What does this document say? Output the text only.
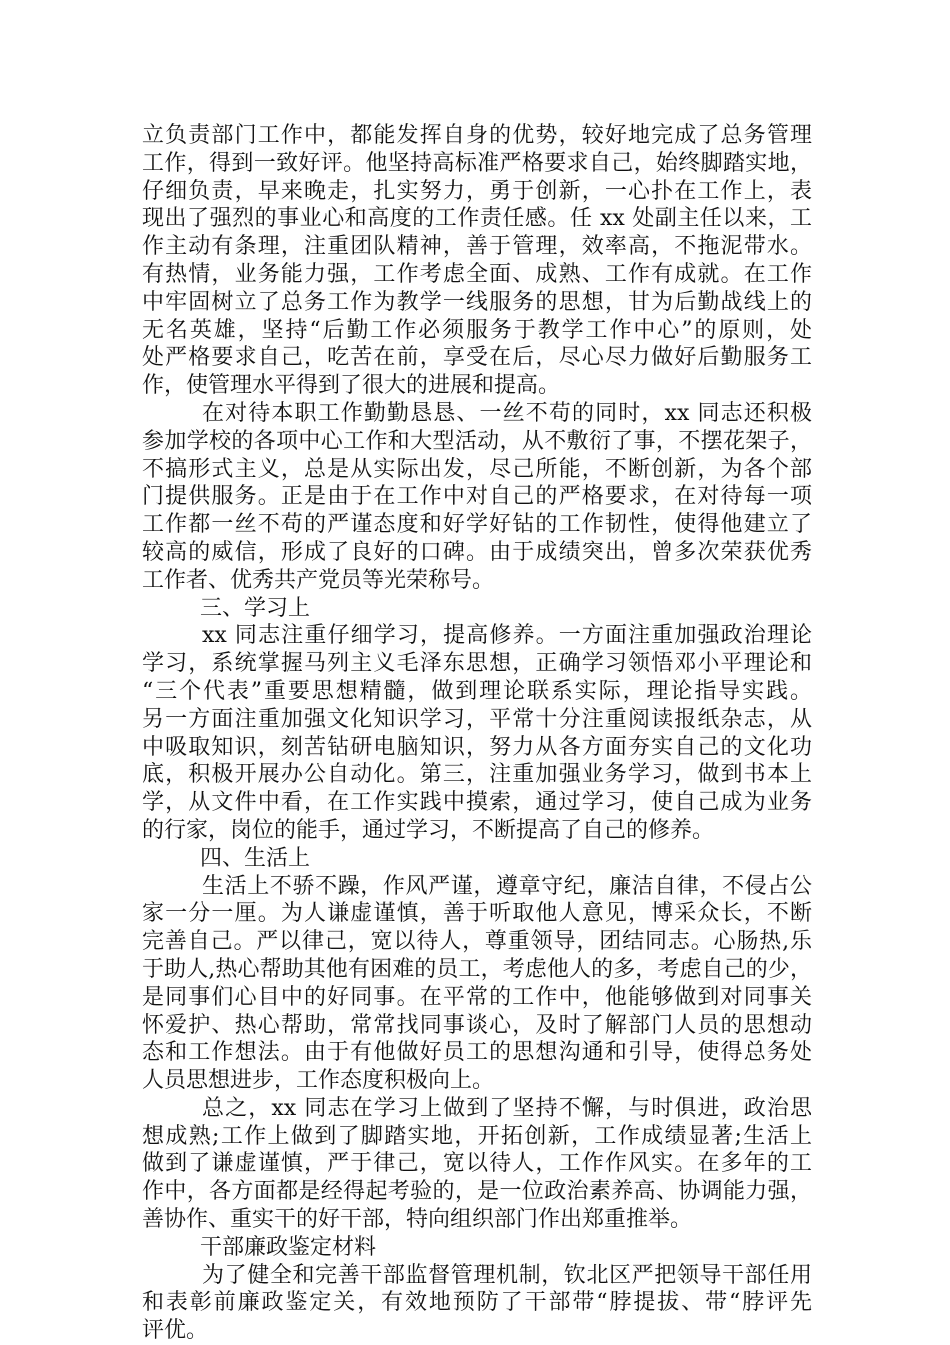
立负责部门工作中，都能发挥自身的优势，较好地完成了总务管理
工作，得到一致好评。他坚持高标准严格要求自己，始终脚踏实地，
仔细负责，早来晚走，扎实努力，勇于创新，一心扑在工作上，表
现出了强烈的事业心和高度的工作责任感。任 xx 处副主任以来，工
作主动有条理，注重团队精神，善于管理，效率高，不拖泥带水。
有热情，业务能力强，工作考虑全面、成熟、工作有成就。在工作
中牢固树立了总务工作为教学一线服务的思想，甘为后勤战线上的
无名英雄，坚持“后勤工作必须服务于教学工作中心”的原则，处
处严格要求自己，吃苦在前，享受在后，尽心尽力做好后勤服务工
作，使管理水平得到了很大的进展和提高。
在对待本职工作勤勤恳恳、一丝不苟的同时，xx 同志还积极
参加学校的各项中心工作和大型活动，从不敷衍了事，不摆花架子，
不搞形式主义，总是从实际出发，尽己所能，不断创新，为各个部
门提供服务。正是由于在工作中对自己的严格要求，在对待每一项
工作都一丝不苟的严谨态度和好学好钻的工作韧性，使得他建立了
较高的威信，形成了良好的口碑。由于成绩突出，曾多次荣获优秀
工作者、优秀共产党员等光荣称号。
三、学习上
xx 同志注重仔细学习，提高修养。一方面注重加强政治理论
学习，系统掌握马列主义毛泽东思想，正确学习领悟邓小平理论和
“三个代表”重要思想精髓，做到理论联系实际，理论指导实践。
另一方面注重加强文化知识学习，平常十分注重阅读报纸杂志，从
中吸取知识，刻苦钻研电脑知识，努力从各方面夯实自己的文化功
底，积极开展办公自动化。第三，注重加强业务学习，做到书本上
学，从文件中看，在工作实践中摸索，通过学习，使自己成为业务
的行家，岗位的能手，通过学习，不断提高了自己的修养。
四、生活上
生活上不骄不躁，作风严谨，遵章守纪，廉洁自律，不侵占公
家一分一厘。为人谦虚谨慎，善于听取他人意见，博采众长，不断
完善自己。严以律己，宽以待人，尊重领导，团结同志。心肠热,乐
于助人,热心帮助其他有困难的员工，考虑他人的多，考虑自己的少，
是同事们心目中的好同事。在平常的工作中，他能够做到对同事关
怀爱护、热心帮助，常常找同事谈心，及时了解部门人员的思想动
态和工作想法。由于有他做好员工的思想沟通和引导，使得总务处
人员思想进步，工作态度积极向上。
总之，xx 同志在学习上做到了坚持不懈，与时俱进，政治思
想成熟;工作上做到了脚踏实地，开拓创新，工作成绩显著;生活上
做到了谦虚谨慎，严于律己，宽以待人，工作作风实。在多年的工
作中，各方面都是经得起考验的，是一位政治素养高、协调能力强，
善协作、重实干的好干部，特向组织部门作出郑重推举。
干部廉政鉴定材料
为了健全和完善干部监督管理机制，钦北区严把领导干部任用
和表彰前廉政鉴定关，有效地预防了干部带“脖提拔、带“脖评先
评优。
